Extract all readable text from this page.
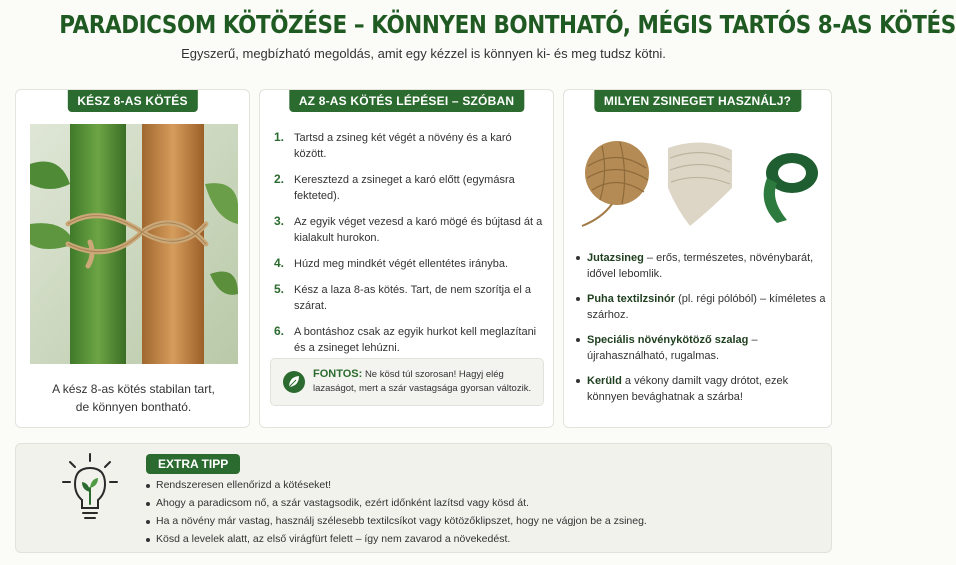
PARADICSOM KÖTÖZÉSE – KÖNNYEN BONTHATÓ, MÉGIS TARTÓS 8-AS KÖTÉS
Egyszerű, megbízható megoldás, amit egy kézzel is könnyen ki- és meg tudsz kötni.
KÉSZ 8-AS KÖTÉS
A kész 8-as kötés stabilan tart,
de könnyen bontható.
AZ 8-AS KÖTÉS LÉPÉSEI – SZÓBAN
1. Tartsd a zsineg két végét a növény és a karó között.
2. Keresztezd a zsineget a karó előtt (egymásra fekteted).
3. Az egyik véget vezesd a karó mögé és bújtasd át a kialakult hurokon.
4. Húzd meg mindkét végét ellentétes irányba.
5. Kész a laza 8-as kötés. Tart, de nem szorítja el a szárat.
6. A bontáshoz csak az egyik hurkot kell meglazítani és a zsineget lehúzni.
FONTOS: Ne kösd túl szorosan! Hagyj elég lazaságot, mert a szár vastagsága gyorsan változik.
MILYEN ZSINEGET HASZNÁLJ?
Jutazsineg – erős, természetes, növénybarát, idővel lebomlik.
Puha textilzsinór (pl. régi pólóból) – kíméletes a szárhoz.
Speciális növénykötöző szalag – újrahasználható, rugalmas.
Kerüld a vékony damilt vagy drótot, ezek könnyen bevághatnak a szárba!
EXTRA TIPP
Rendszeresen ellenőrizd a kötéseket!
Ahogy a paradicsom nő, a szár vastagsodik, ezért időnként lazítsd vagy kösd át.
Ha a növény már vastag, használj szélesebb textilcsíkot vagy kötözőklipszet, hogy ne vágjon be a zsineg.
Kösd a levelek alatt, az első virágfürt felett – így nem zavarod a növekedést.
